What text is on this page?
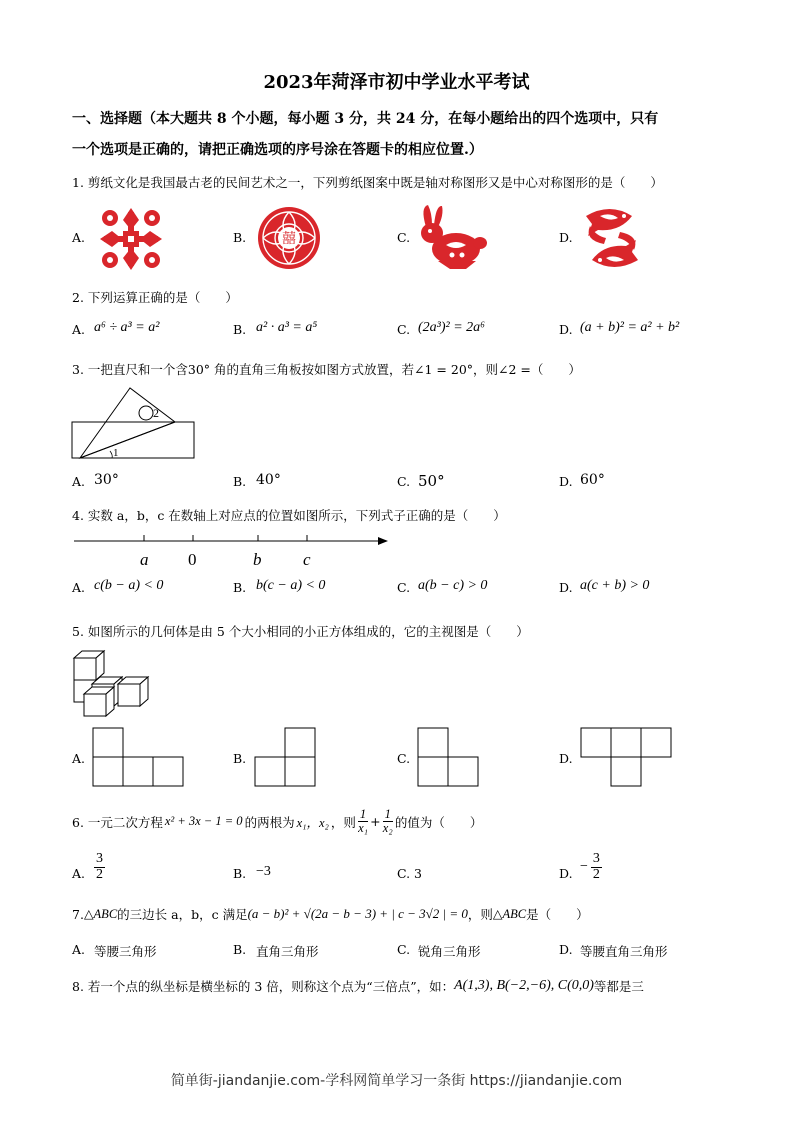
2023年菏泽市初中学业水平考试
一、选择题（本大题共 8 个小题，每小题 3 分，共 24 分，在每小题给出的四个选项中，只有
一个选项是正确的，请把正确选项的序号涂在答题卡的相应位置.）
1. 剪纸文化是我国最古老的民间艺术之一，下列剪纸图案中既是轴对称图形又是中心对称图形的是（　　）
A.	B.	C.	D.
囍
2. 下列运算正确的是（　　）
A. a⁶ ÷ a³ = a²	B. a² · a³ = a⁵	C. (2a³)² = 2a⁶	D. (a + b)² = a² + b²
3. 一把直尺和一个含30° 角的直角三角板按如图方式放置，若∠1 = 20°，则∠2 =（　　）
1
2
A. 30°	B. 40°	C. 50°	D. 60°
4. 实数 a，b，c 在数轴上对应点的位置如图所示，下列式子正确的是（　　）
a 0	b c
A. c(b − a) < 0	B. b(c − a) < 0	C. a(b − c) > 0	D. a(c + b) > 0
5. 如图所示的几何体是由 5 个大小相同的小正方体组成的，它的主视图是（　　）
A.	B.	C.	D.
6. 一元二次方程 x² + 3x − 1 = 0 的两根为 x₁，x₂ ，则 $\frac{1}{\text{x₁}} + \frac{1}{\text{x₂}}$ 的值为（　　）
A. $\frac{3}{2}$	B. −3	C. 3	D. − $\frac{3}{2}$
7. △ABC 的三边长 a，b，c 满足 (a − b)² + √(2a − b − 3) + | c − 3√2 | = 0 ，则 △ABC 是（　　）
A. 等腰三角形	B. 直角三角形	C. 锐角三角形	D. 等腰直角三角形
8. 若一个点的纵坐标是横坐标的 3 倍，则称这个点为“三倍点”，如： A(1,3), B(−2,−6), C(0,0) 等都是三
简单街-jiandanjie.com-学科网简单学习一条街 https://jiandanjie.com
